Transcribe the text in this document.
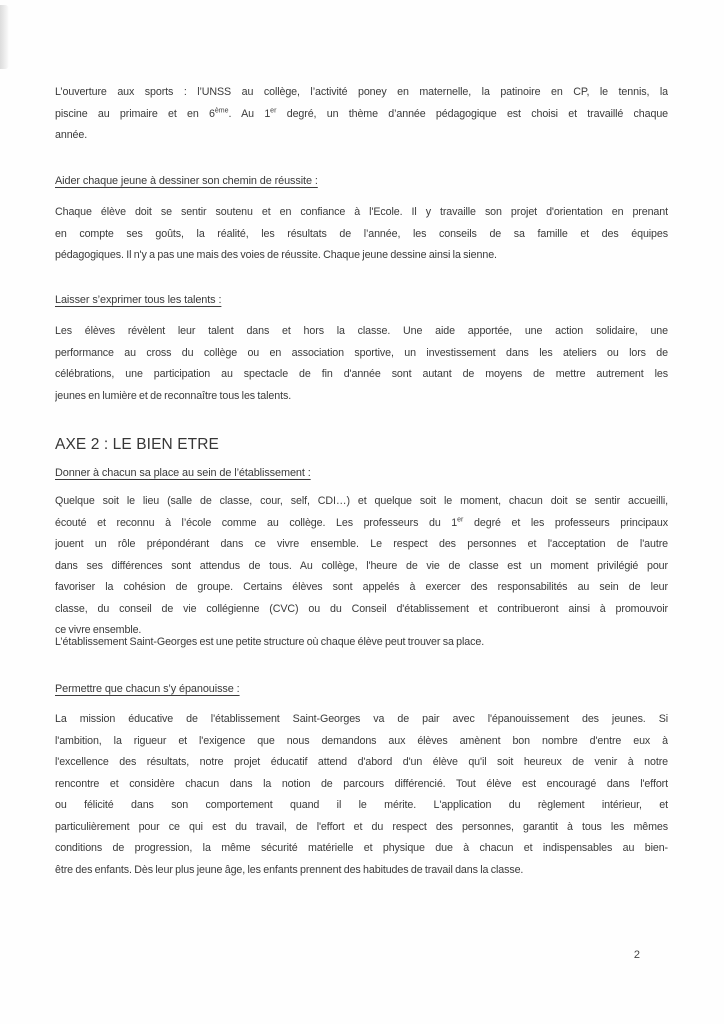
L’ouverture aux sports : l’UNSS au collège, l’activité poney en maternelle, la patinoire en CP, le tennis, la
piscine au primaire et en 6ème. Au 1er degré, un thème d’année pédagogique est choisi et travaillé chaque
année.
Aider chaque jeune à dessiner son chemin de réussite :
Chaque élève doit se sentir soutenu et en confiance à l'Ecole. Il y travaille son projet d'orientation en prenant
en compte ses goûts, la réalité, les résultats de l’année, les conseils de sa famille et des équipes
pédagogiques. Il n'y a pas une mais des voies de réussite. Chaque jeune dessine ainsi la sienne.
Laisser s’exprimer tous les talents :
Les élèves révèlent leur talent dans et hors la classe. Une aide apportée, une action solidaire, une
performance au cross du collège ou en association sportive, un investissement dans les ateliers ou lors de
célébrations, une participation au spectacle de fin d'année sont autant de moyens de mettre autrement les
jeunes en lumière et de reconnaître tous les talents.
AXE 2 : LE BIEN ETRE
Donner à chacun sa place au sein de l’établissement :
Quelque soit le lieu (salle de classe, cour, self, CDI…) et quelque soit le moment, chacun doit se sentir accueilli,
écouté et reconnu à l’école comme au collège. Les professeurs du 1er degré et les professeurs principaux
jouent un rôle prépondérant dans ce vivre ensemble. Le respect des personnes et l'acceptation de l'autre
dans ses différences sont attendus de tous. Au collège, l'heure de vie de classe est un moment privilégié pour
favoriser la cohésion de groupe. Certains élèves sont appelés à exercer des responsabilités au sein de leur
classe, du conseil de vie collégienne (CVC) ou du Conseil d'établissement et contribueront ainsi à promouvoir
ce vivre ensemble.
L’établissement Saint-Georges est une petite structure où chaque élève peut trouver sa place.
Permettre que chacun s’y épanouisse :
La mission éducative de l'établissement Saint-Georges va de pair avec l'épanouissement des jeunes. Si
l'ambition, la rigueur et l'exigence que nous demandons aux élèves amènent bon nombre d'entre eux à
l'excellence des résultats, notre projet éducatif attend d'abord d'un élève qu'il soit heureux de venir à notre
rencontre et considère chacun dans la notion de parcours différencié. Tout élève est encouragé dans l'effort
ou félicité dans son comportement quand il le mérite. L'application du règlement intérieur, et
particulièrement pour ce qui est du travail, de l'effort et du respect des personnes, garantit à tous les mêmes
conditions de progression, la même sécurité matérielle et physique due à chacun et indispensables au bien-
être des enfants. Dès leur plus jeune âge, les enfants prennent des habitudes de travail dans la classe.
2
